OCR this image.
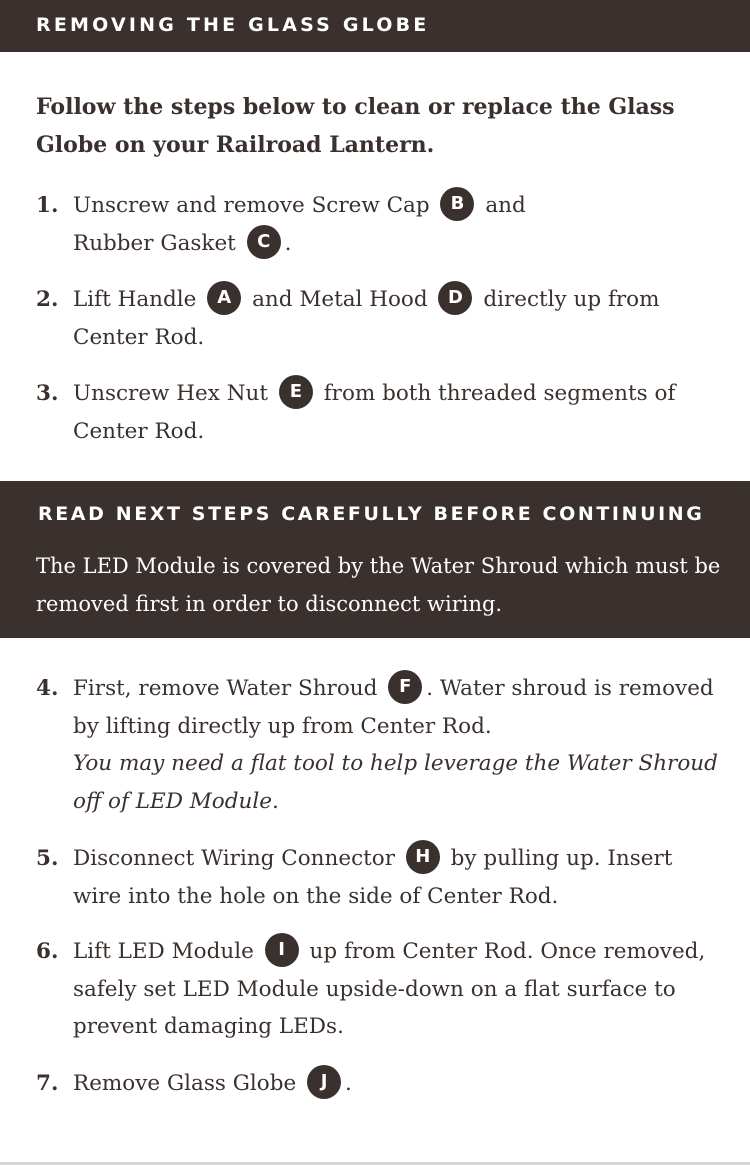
REMOVING THE GLASS GLOBE
Follow the steps below to clean or replace the Glass Globe on your Railroad Lantern.
1. Unscrew and remove Screw Cap B and
Rubber Gasket C .
2. Lift Handle A and Metal Hood D directly up from Center Rod.
3. Unscrew Hex Nut E from both threaded segments of Center Rod.
READ NEXT STEPS CAREFULLY BEFORE CONTINUING
The LED Module is covered by the Water Shroud which must be removed first in order to disconnect wiring.
4. First, remove Water Shroud F . Water shroud is removed by lifting directly up from Center Rod.
You may need a flat tool to help leverage the Water Shroud off of LED Module.
5. Disconnect Wiring Connector H by pulling up. Insert wire into the hole on the side of Center Rod.
6. Lift LED Module I up from Center Rod. Once removed, safely set LED Module upside-down on a flat surface to prevent damaging LEDs.
7. Remove Glass Globe J .
